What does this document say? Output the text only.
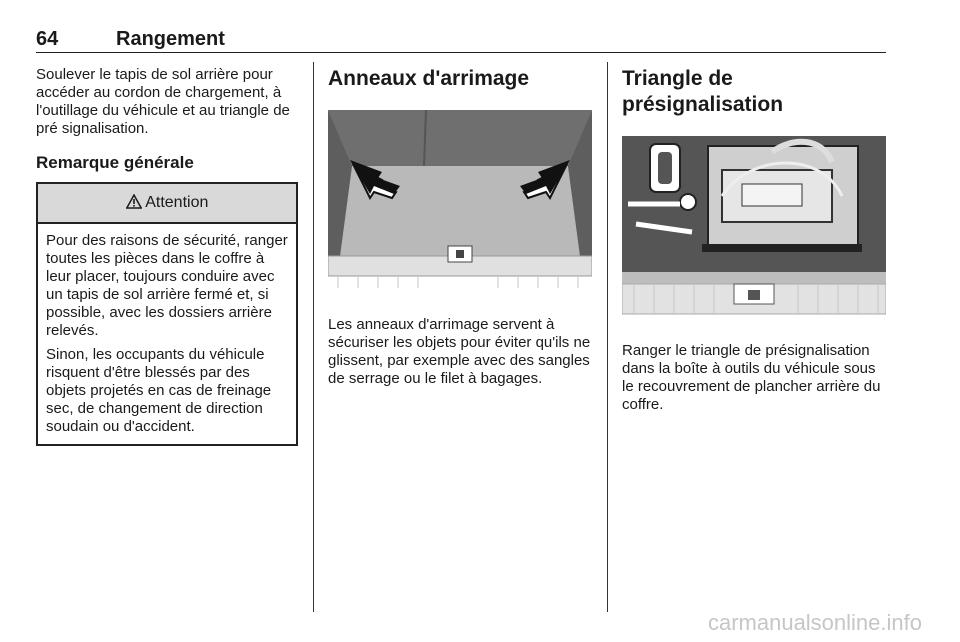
64	Rangement

Soulever le tapis de sol arrière pour accéder au cordon de chargement, à l'outillage du véhicule et au triangle de pré signalisation.

Remarque générale

Attention

Pour des raisons de sécurité, ranger toutes les pièces dans le coffre à leur placer, toujours conduire avec un tapis de sol arrière fermé et, si possible, avec les dossiers arrière relevés.

Sinon, les occupants du véhicule risquent d'être blessés par des objets projetés en cas de freinage sec, de changement de direction soudain ou d'accident.

Anneaux d'arrimage

Les anneaux d'arrimage servent à sécuriser les objets pour éviter qu'ils ne glissent, par exemple avec des sangles de serrage ou le filet à bagages.

Triangle de présignalisation

Ranger le triangle de présignalisation dans la boîte à outils du véhicule sous le recouvrement de plancher arrière du coffre.

carmanualsonline.info
